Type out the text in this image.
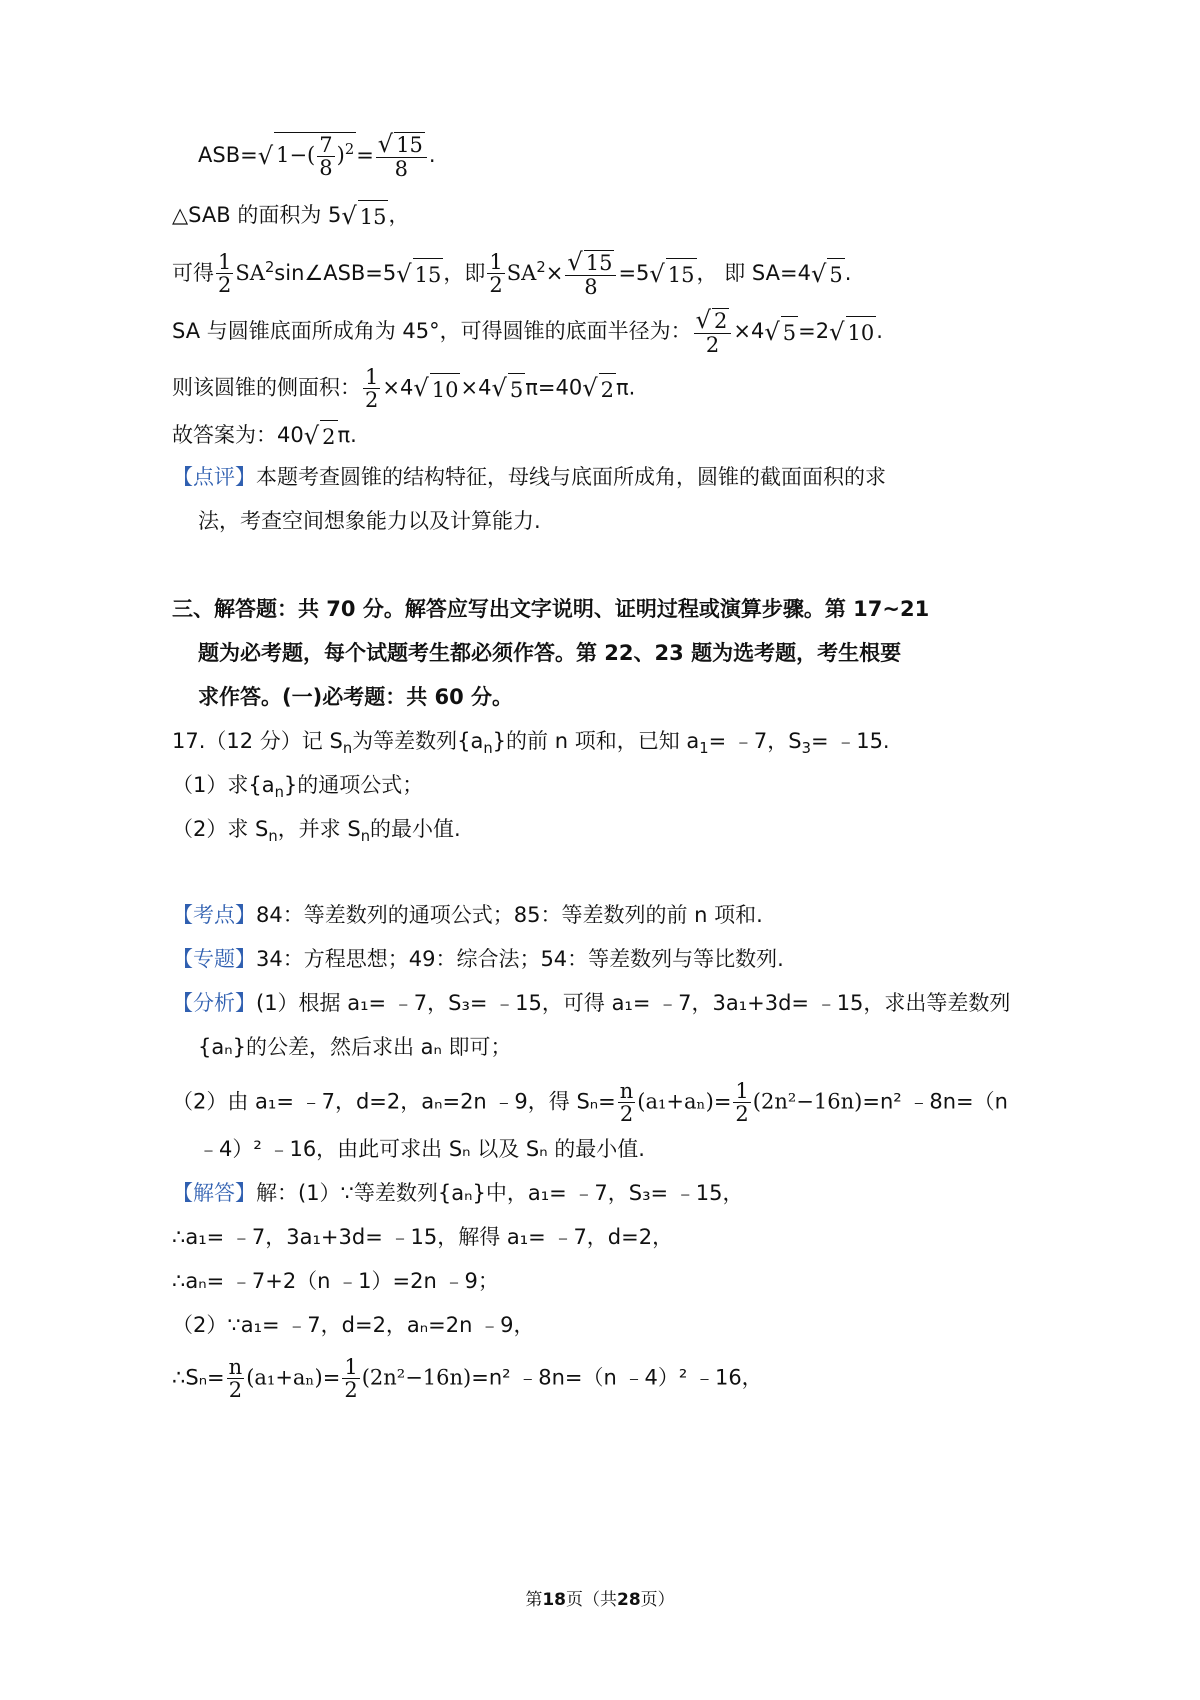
ASB= √ $1-( \frac{7}{8} )^2 = \frac{√ 15}{8}$ .
△SAB 的面积为 5 √ 15 ，
可得 $\frac{1}{2}$ $SA^2\sin\angle ASB=5$ √ 15 ，即 $\frac{1}{2} SA^2\times \frac{√ 15}{8} =5$ √ 15 ， 即 SA=4 √ 5 .
SA 与圆锥底面所成角为 45°，可得圆锥的底面半径为： $\frac{√ 2}{2} \times 4$ √ 5 =2 √ 10 .
则该圆锥的侧面积： $\frac{1}{2} \times 4$ √ 10 ×4 √ 5 π=40 √ 2 π.
故答案为：40 √ 2 π.
【点评】本题考查圆锥的结构特征，母线与底面所成角，圆锥的截面面积的求
法，考查空间想象能力以及计算能力.
三、解答题：共 70 分。解答应写出文字说明、证明过程或演算步骤。第 17~21
题为必考题，每个试题考生都必须作答。第 22、23 题为选考题，考生根要
求作答。(一)必考题：共 60 分。
17.（12 分）记 $S_n$为等差数列$\{a_n\}$的前 n 项和，已知 $a_1=$ ﹣7，$S_3=$ ﹣15.
（1）求$\{a_n\}$的通项公式；
（2）求 $S_n$，并求 $S_n$的最小值.
【考点】84：等差数列的通项公式；85：等差数列的前 n 项和.
【专题】34：方程思想；49：综合法；54：等差数列与等比数列.
【分析】(1）根据 a₁= ﹣7，S₃= ﹣15，可得 a₁= ﹣7，3a₁+3d= ﹣15，求出等差数列
{aₙ}的公差，然后求出 aₙ 即可；
（2）由 a₁= ﹣7，d=2，aₙ=2n ﹣9，得 $S_n= \frac{n}{2} (a_1+a_n)= \frac{1}{2} (2n^2-16n)=n^2$ ﹣8n=（n
﹣4）² ﹣16，由此可求出 Sₙ 以及 Sₙ 的最小值.
【解答】解：(1）∵等差数列{aₙ}中，a₁= ﹣7，S₃= ﹣15，
∴a₁= ﹣7，3a₁+3d= ﹣15，解得 a₁= ﹣7，d=2，
∴aₙ= ﹣7+2（n ﹣1）=2n ﹣9；
（2）∵a₁= ﹣7，d=2，aₙ=2n ﹣9，
∴Sₙ= $\frac{n}{2} (a_1+a_n)= \frac{1}{2} (2n^2-16n)=n^2$ ﹣8n=（n ﹣4）² ﹣16，
第18页（共28页）
